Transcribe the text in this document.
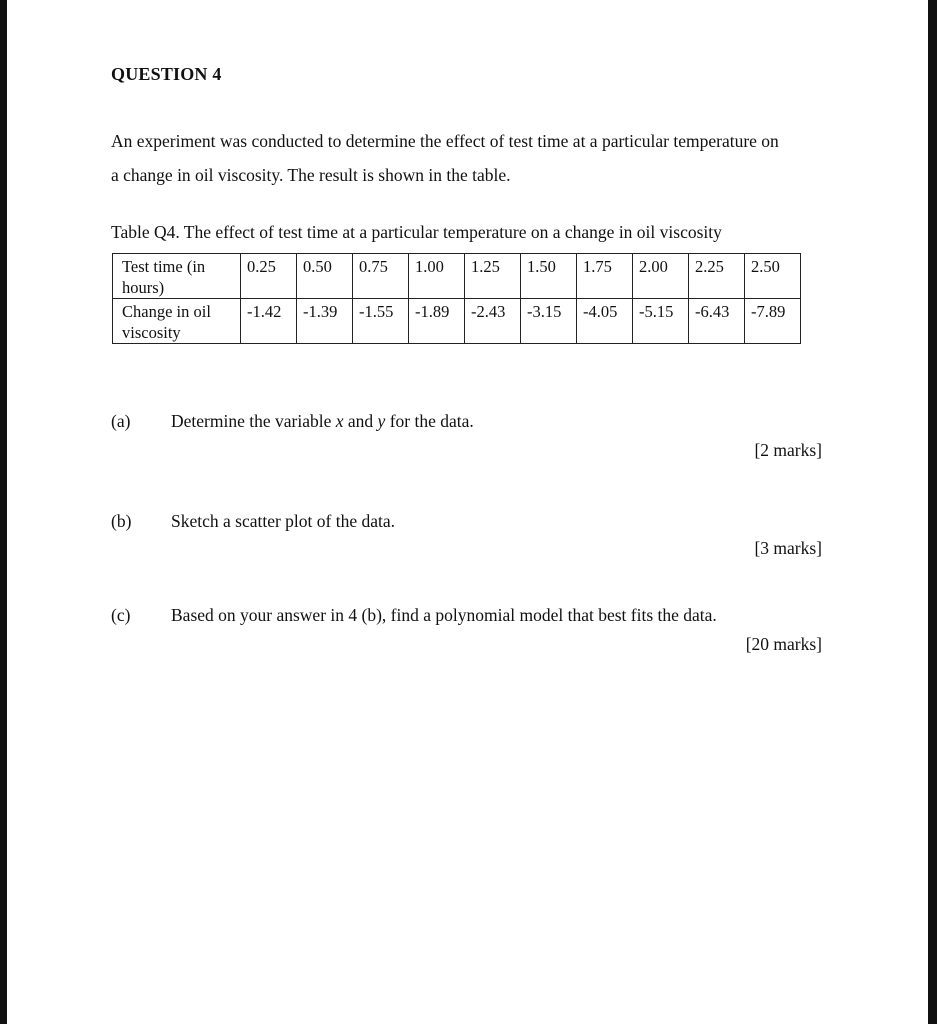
QUESTION 4
An experiment was conducted to determine the effect of test time at a particular temperature on
a change in oil viscosity. The result is shown in the table.
Table Q4. The effect of test time at a particular temperature on a change in oil viscosity
Test time (in
hours)	0.25	0.50	0.75	1.00	1.25	1.50	1.75	2.00	2.25	2.50

Change in oil
viscosity	-1.42	-1.39	-1.55	-1.89	-2.43	-3.15	-4.05	-5.15	-6.43	-7.89
(a) Determine the variable x and y for the data.
[2 marks]
(b) Sketch a scatter plot of the data.
[3 marks]
(c) Based on your answer in 4 (b), find a polynomial model that best fits the data.
[20 marks]
